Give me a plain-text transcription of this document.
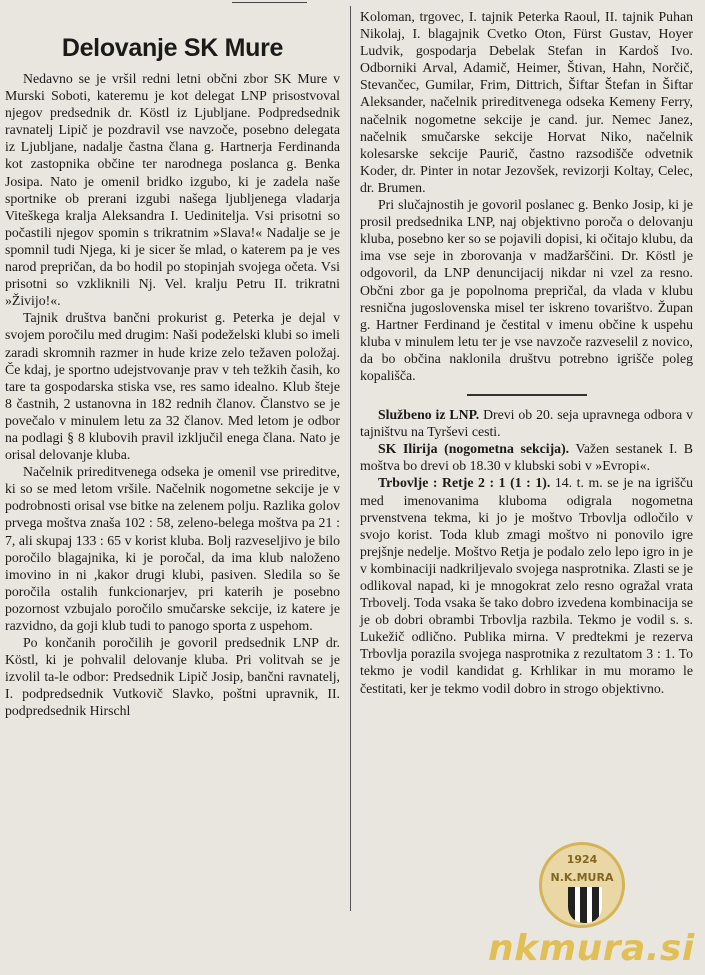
Delovanje SK Mure

Nedavno se je vršil redni letni občni zbor SK Mure v Murski Soboti, kateremu je kot delegat LNP prisostvoval njegov predsednik dr. Köstl iz Ljubljane. Podpredsednik ravnatelj Lipič je pozdravil vse navzoče, posebno delegata iz Ljubljane, nadalje častna člana g. Hartnerja Ferdinanda kot zastopnika občine ter narodnega poslanca g. Benka Josipa. Nato je omenil bridko izgubo, ki je zadela naše sportnike ob prerani izgubi našega ljubljenega vladarja Viteškega kralja Aleksandra I. Uedinitelja. Vsi prisotni so počastili njegov spomin s trikratnim »Slava!« Nadalje se je spomnil tudi Njega, ki je sicer še mlad, o katerem pa je ves narod prepričan, da bo hodil po stopinjah svojega očeta. Vsi prisotni so vzkliknili Nj. Vel. kralju Petru II. trikratni »Živijo!«.

Tajnik društva bančni prokurist g. Peterka je dejal v svojem poročilu med drugim: Naši podeželski klubi so imeli zaradi skromnih razmer in hude krize zelo težaven položaj. Če kdaj, je sportno udejstvovanje prav v teh težkih časih, ko tare ta gospodarska stiska vse, res samo idealno. Klub šteje 8 častnih, 2 ustanovna in 182 rednih članov. Članstvo se je povečalo v minulem letu za 32 članov. Med letom je odbor na podlagi § 8 klubovih pravil izključil enega člana. Nato je orisal delovanje kluba.

Načelnik prireditvenega odseka je omenil vse prireditve, ki so se med letom vršile. Načelnik nogometne sekcije je v podrobnosti orisal vse bitke na zelenem polju. Razlika golov prvega moštva znaša 102 : 58, zeleno-belega moštva pa 21 : 7, ali skupaj 133 : 65 v korist kluba. Bolj razveseljivo je bilo poročilo blagajnika, ki je poročal, da ima klub naloženo imovino in ni ,kakor drugi klubi, pasiven. Sledila so še poročila ostalih funkcionarjev, pri katerih je posebno pozornost vzbujalo poročilo smučarske sekcije, iz katere je razvidno, da goji klub tudi to panogo sporta z uspehom.

Po končanih poročilih je govoril predsednik LNP dr. Köstl, ki je pohvalil delovanje kluba. Pri volitvah se je izvolil ta-le odbor: Predsednik Lipič Josip, bančni ravnatelj, I. podpredsednik Vutkovič Slavko, poštni upravnik, II. podpredsednik Hirschl

Koloman, trgovec, I. tajnik Peterka Raoul, II. tajnik Puhan Nikolaj, I. blagajnik Cvetko Oton, Fürst Gustav, Hoyer Ludvik, gospodarja Debelak Stefan in Kardoš Ivo. Odborniki Arval, Adamič, Heimer, Štivan, Hahn, Norčič, Stevančec, Gumilar, Frim, Dittrich, Šiftar Štefan in Šiftar Aleksander, načelnik prireditvenega odseka Kemeny Ferry, načelnik nogometne sekcije je cand. jur. Nemec Janez, načelnik smučarske sekcije Horvat Niko, načelnik kolesarske sekcije Paurič, častno razsodišče odvetnik Koder, dr. Pinter in notar Jezovšek, revizorji Koltay, Celec, dr. Brumen.

Pri slučajnostih je govoril poslanec g. Benko Josip, ki je prosil predsednika LNP, naj objektivno poroča o delovanju kluba, posebno ker so se pojavili dopisi, ki očitajo klubu, da ima vse seje in zborovanja v madžarščini. Dr. Köstl je odgovoril, da LNP denuncijacij nikdar ni vzel za resno. Občni zbor ga je popolnoma prepričal, da vlada v klubu resnična jugoslovenska misel ter iskreno tovarištvo. Župan g. Hartner Ferdinand je čestital v imenu občine k uspehu kluba v minulem letu ter je vse navzoče razveselil z novico, da bo občina naklonila društvu potrebno igrišče poleg kopališča.

Službeno iz LNP. Drevi ob 20. seja upravnega odbora v tajništvu na Tyrševi cesti.

SK Ilirija (nogometna sekcija). Važen sestanek I. B moštva bo drevi ob 18.30 v klubski sobi v »Evropi«.

Trbovlje : Retje 2 : 1 (1 : 1). 14. t. m. se je na igrišču med imenovanima kluboma odigrala nogometna prvenstvena tekma, ki jo je moštvo Trbovlja odločilo v svojo korist. Toda klub zmagi moštvo ni ponovilo igre prejšnje nedelje. Moštvo Retja je podalo zelo lepo igro in je v kombinaciji nadkriljevalo svojega nasprotnika. Zlasti se je odlikoval napad, ki je mnogokrat zelo resno ogražal vrata Trbovelj. Toda vsaka še tako dobro izvedena kombinacija se je ob dobri obrambi Trbovlja razbila. Tekmo je vodil s. s. Lukežič odlično. Publika mirna. V predtekmi je rezerva Trbovlja porazila svojega nasprotnika z rezultatom 3 : 1. To tekmo je vodil kandidat g. Krhlikar in mu moramo le čestitati, ker je tekmo vodil dobro in strogo objektivno.

1924
N.K.MURA
nkmura.si
